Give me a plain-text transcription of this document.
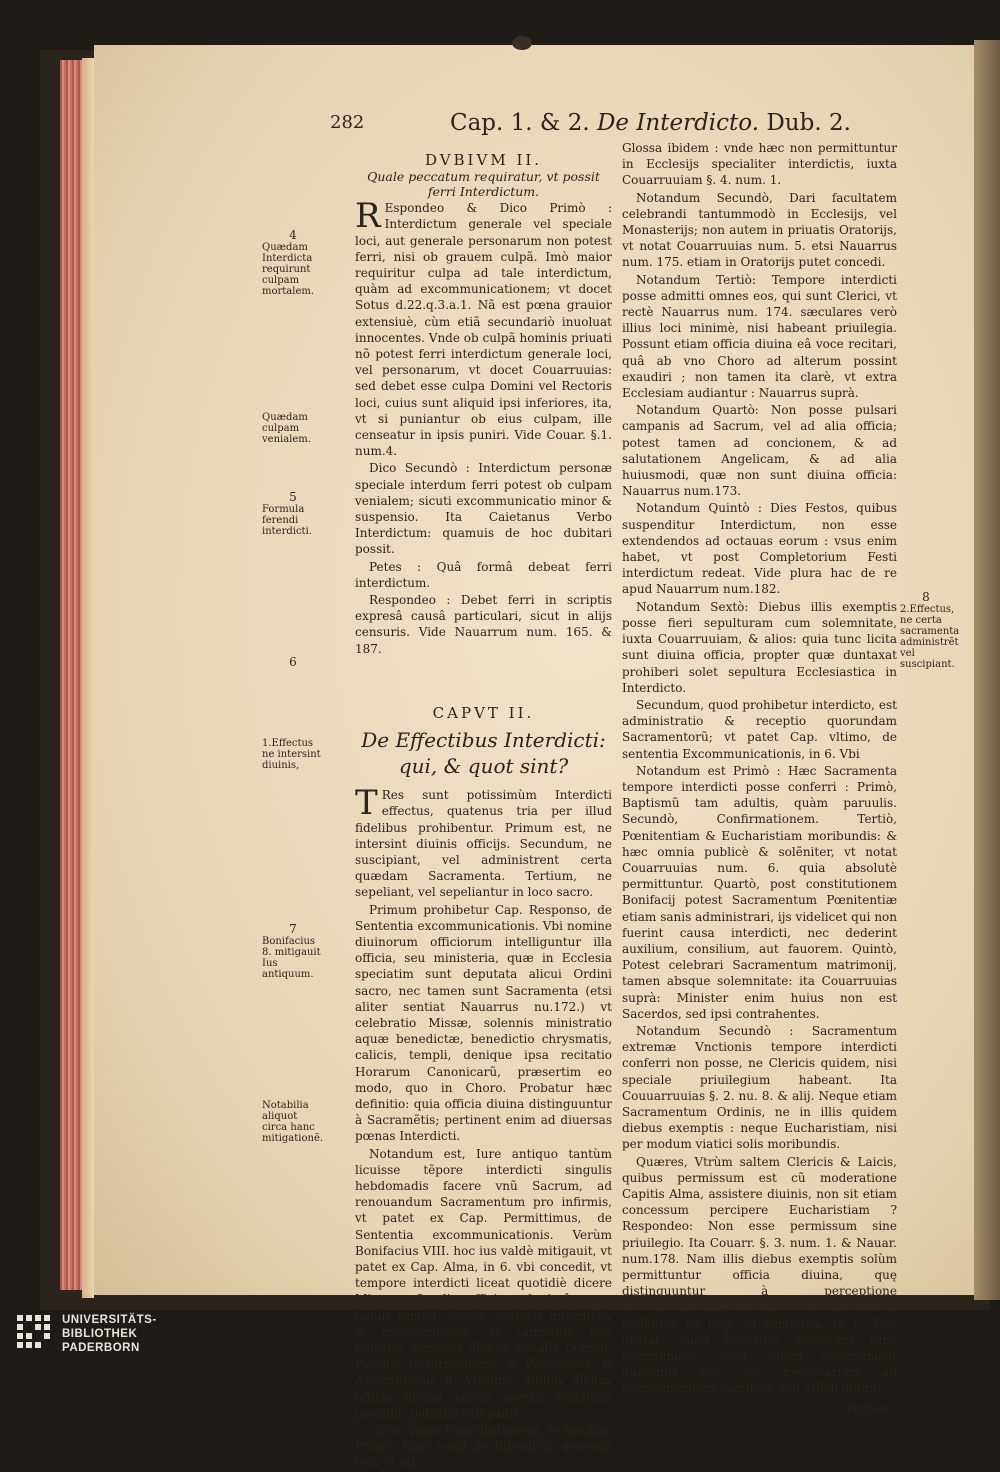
282	Cap. 1. & 2. De Interdicto. Dub. 2.

DVBIVM II.

Quale peccatum requiratur, vt possit ferri Interdictum.

R Espondeo & Dico Primò : Interdictum generale vel speciale loci, aut generale personarum non potest ferri, nisi ob grauem culpã. Imò maior requiritur culpa ad tale interdictum, quàm ad excommunicationem; vt docet Sotus d.22.q.3.a.1. Nã est pœna grauior extensiuè, cùm etiã secundariò inuoluat innocentes. Vnde ob culpã hominis priuati nõ potest ferri interdictum generale loci, vel personarum, vt docet Couarruuias: sed debet esse culpa Domini vel Rectoris loci, cuius sunt aliquid ipsi inferiores, ita, vt si puniantur ob eius culpam, ille censeatur in ipsis puniri. Vide Couar. §.1. num.4.

Dico Secundò : Interdictum personæ speciale interdum ferri potest ob culpam venialem; sicuti excommunicatio minor & suspensio. Ita Caietanus Verbo Interdictum: quamuis de hoc dubitari possit.

Petes : Quâ formâ debeat ferri interdictum.

Respondeo : Debet ferri in scriptis expresâ causâ particulari, sicut in alijs censuris. Vide Nauarrum num. 165. & 187.

CAPVT II.

De Effectibus Interdicti: qui, & quot sint?

T Res sunt potissimùm Interdicti effectus, quatenus tria per illud fidelibus prohibentur. Primum est, ne intersint diuinis officijs. Secundum, ne suscipiant, vel administrent certa quædam Sacramenta. Tertium, ne sepeliant, vel sepeliantur in loco sacro.

Primum prohibetur Cap. Responso, de Sententia excommunicationis. Vbi nomine diuinorum officiorum intelliguntur illa officia, seu ministeria, quæ in Ecclesia speciatim sunt deputata alicui Ordini sacro, nec tamen sunt Sacramenta (etsi aliter sentiat Nauarrus nu.172.) vt celebratio Missæ, solennis ministratio aquæ benedictæ, benedictio chrysmatis, calicis, templi, denique ipsa recitatio Horarum Canonicarũ, præsertim eo modo, quo in Choro. Probatur hæc definitio: quia officia diuina distinguuntur à Sacramẽtis; pertinent enim ad diuersas pœnas Interdicti.

Notandum est, Iure antiquo tantùm licuisse tẽpore interdicti singulis hebdomadis facere vnũ Sacrum, ad renouandum Sacramentum pro infirmis, vt patet ex Cap. Permittimus, de Sententia excommunicationis. Verùm Bonifacius VIII. hoc ius valdè mitigauit, vt patet ex Cap. Alma, in 6. vbi concedit, vt tempore interdicti liceat quotidiè dicere Missam, & alia officia submissâ voce, ianuis templi clausis, exclusis interdictis & excõmunicatis, & campanis non pulsatis; exceptis diebus Natalis Domini, Paschæ Resurrectionis, & Pẽtecostes, & Assumptionis B. Virginis, quibus diebus officia diuina ianuis apertis celebrari possunt, pulsatis campanis.

Circa quam Constitutionem, Notandum Primò: Eam loqui de Interdicto generali loci, vt ait

Glossa ibidem : vnde hæc non permittuntur in Ecclesijs specialiter interdictis, iuxta Couarruuiam §. 4. num. 1.

Notandum Secundò, Dari facultatem celebrandi tantummodò in Ecclesijs, vel Monasterijs; non autem in priuatis Oratorijs, vt notat Couarruuias num. 5. etsi Nauarrus num. 175. etiam in Oratorijs putet concedi.

Notandum Tertiò: Tempore interdicti posse admitti omnes eos, qui sunt Clerici, vt rectè Nauarrus num. 174. sæculares verò illius loci minimè, nisi habeant priuilegia. Possunt etiam officia diuina eâ voce recitari, quâ ab vno Choro ad alterum possint exaudiri ; non tamen ita clarè, vt extra Ecclesiam audiantur : Nauarrus suprà.

Notandum Quartò: Non posse pulsari campanis ad Sacrum, vel ad alia officia; potest tamen ad concionem, & ad salutationem Angelicam, & ad alia huiusmodi, quæ non sunt diuina officia: Nauarrus num.173.

Notandum Quintò : Dies Festos, quibus suspenditur Interdictum, non esse extendendos ad octauas eorum : vsus enim habet, vt post Completorium Festi interdictum redeat. Vide plura hac de re apud Nauarrum num.182.

Notandum Sextò: Diebus illis exemptis posse fieri sepulturam cum solemnitate, iuxta Couarruuiam, & alios: quia tunc licita sunt diuina officia, propter quæ duntaxat prohiberi solet sepultura Ecclesiastica in Interdicto.

Secundum, quod prohibetur interdicto, est administratio & receptio quorundam Sacramentorũ; vt patet Cap. vltimo, de sententia Excommunicationis, in 6. Vbi

Notandum est Primò : Hæc Sacramenta tempore interdicti posse conferri : Primò, Baptismũ tam adultis, quàm paruulis. Secundò, Confirmationem. Tertiò, Pœnitentiam & Eucharistiam moribundis: & hæc omnia publicè & solẽniter, vt notat Couarruuias num. 6. quia absolutè permittuntur. Quartò, post constitutionem Bonifacij potest Sacramentum Pœnitentiæ etiam sanis administrari, ijs videlicet qui non fuerint causa interdicti, nec dederint auxilium, consilium, aut fauorem. Quintò, Potest celebrari Sacramentum matrimonij, tamen absque solemnitate: ita Couarruuias suprà: Minister enim huius non est Sacerdos, sed ipsi contrahentes.

Notandum Secundò : Sacramentum extremæ Vnctionis tempore interdicti conferri non posse, ne Clericis quidem, nisi speciale priuilegium habeant. Ita Couuarruuias §. 2. nu. 8. & alij. Neque etiam Sacramentum Ordinis, ne in illis quidem diebus exemptis : neque Eucharistiam, nisi per modum viatici solis moribundis.

Quæres, Vtrùm saltem Clericis & Laicis, quibus permissum est cũ moderatione Capitis Alma, assistere diuinis, non sit etiam concessum percipere Eucharistiam ? Respondeo: Non esse permissum sine priuilegio. Ita Couarr. §. 3. num. 1. & Nauar. num.178. Nam illis diebus exemptis solùm permittuntur officia diuina, quę distinguuntur à perceptione Sacramentorum, vt suprà dictum est: & colligitur ex Cap. Si sententia, in 6. Nec obstat, quod Sacerdos celebrans tunc communicet; quia solùm communicat quatenus hoc est necessarium ad complementum sacrificij, seu officij diuini.

Tertium,

4
Quædam Interdicta requirunt culpam mortalem.
Quædam culpam venialem.
5
Formula ferendi interdicti.
6
1.Effectus ne intersint diuinis,
7
Bonifacius 8. mitigauit Ius antiquum.
Notabilia aliquot circa hanc mitigationẽ.
8
2.Effectus, ne certa sacramenta administrẽt vel suscipiant.
UNIVERSITÄTS-
BIBLIOTHEK
PADERBORN
